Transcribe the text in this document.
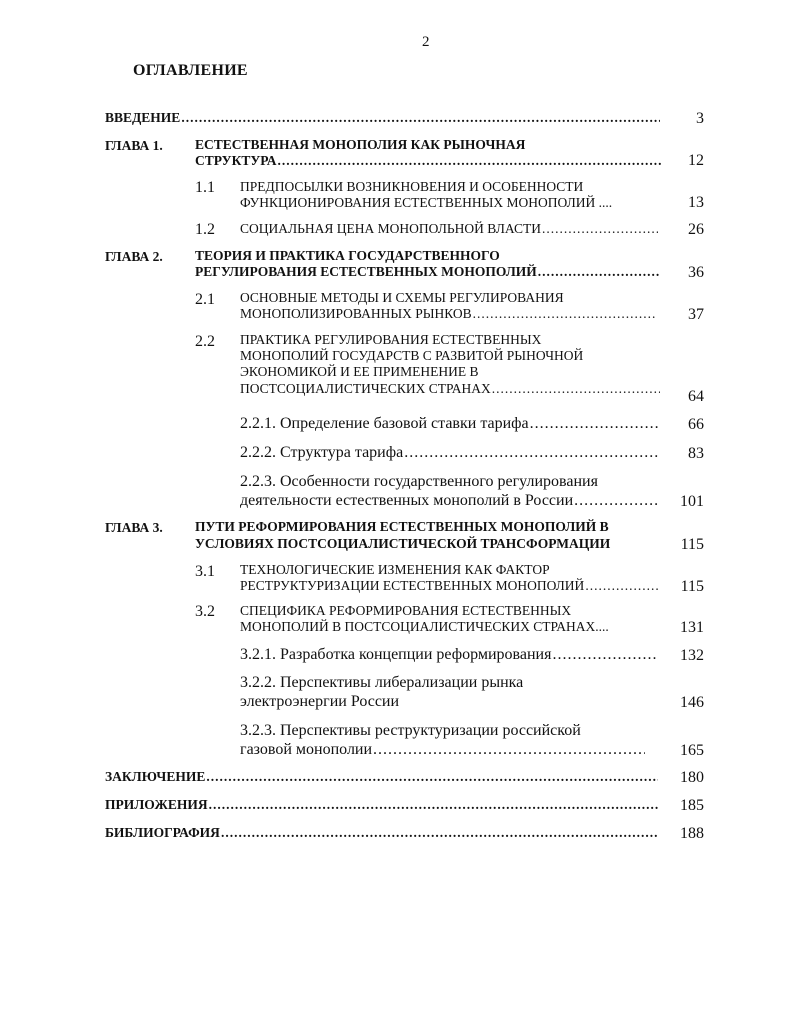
2
ОГЛАВЛЕНИЕ
ВВЕДЕНИЕ .....	3
ГЛАВА 1. ЕСТЕСТВЕННАЯ МОНОПОЛИЯ КАК РЫНОЧНАЯ
СТРУКТУРА .....	12
1.1 ПРЕДПОСЫЛКИ ВОЗНИКНОВЕНИЯ И ОСОБЕННОСТИ
ФУНКЦИОНИРОВАНИЯ ЕСТЕСТВЕННЫХ МОНОПОЛИЙ ....	13
1.2 СОЦИАЛЬНАЯ ЦЕНА МОНОПОЛЬНОЙ ВЛАСТИ .....	26
ГЛАВА 2. ТЕОРИЯ И ПРАКТИКА ГОСУДАРСТВЕННОГО
РЕГУЛИРОВАНИЯ ЕСТЕСТВЕННЫХ МОНОПОЛИЙ .....	36
2.1 ОСНОВНЫЕ МЕТОДЫ И СХЕМЫ РЕГУЛИРОВАНИЯ
МОНОПОЛИЗИРОВАННЫХ РЫНКОВ .....	37
2.2 ПРАКТИКА РЕГУЛИРОВАНИЯ ЕСТЕСТВЕННЫХ
МОНОПОЛИЙ ГОСУДАРСТВ С РАЗВИТОЙ РЫНОЧНОЙ
ЭКОНОМИКОЙ И ЕЕ ПРИМЕНЕНИЕ В
ПОСТСОЦИАЛИСТИЧЕСКИХ СТРАНАХ .....	64
2.2.1. Определение базовой ставки тарифа .....	66
2.2.2. Структура тарифа .....	83
2.2.3. Особенности государственного регулирования
деятельности естественных монополий в России .....	101
ГЛАВА 3. ПУТИ РЕФОРМИРОВАНИЯ ЕСТЕСТВЕННЫХ МОНОПОЛИЙ В
УСЛОВИЯХ ПОСТСОЦИАЛИСТИЧЕСКОЙ ТРАНСФОРМАЦИИ	115
3.1 ТЕХНОЛОГИЧЕСКИЕ ИЗМЕНЕНИЯ КАК ФАКТОР
РЕСТРУКТУРИЗАЦИИ ЕСТЕСТВЕННЫХ МОНОПОЛИЙ .....	115
3.2 СПЕЦИФИКА РЕФОРМИРОВАНИЯ ЕСТЕСТВЕННЫХ
МОНОПОЛИЙ В ПОСТСОЦИАЛИСТИЧЕСКИХ СТРАНАХ....	131
3.2.1. Разработка концепции реформирования .....	132
3.2.2. Перспективы либерализации рынка
электроэнергии России	146
3.2.3. Перспективы реструктуризации российской
газовой монополии .....	165
ЗАКЛЮЧЕНИЕ .....	180
ПРИЛОЖЕНИЯ .....	185
БИБЛИОГРАФИЯ .....	188
